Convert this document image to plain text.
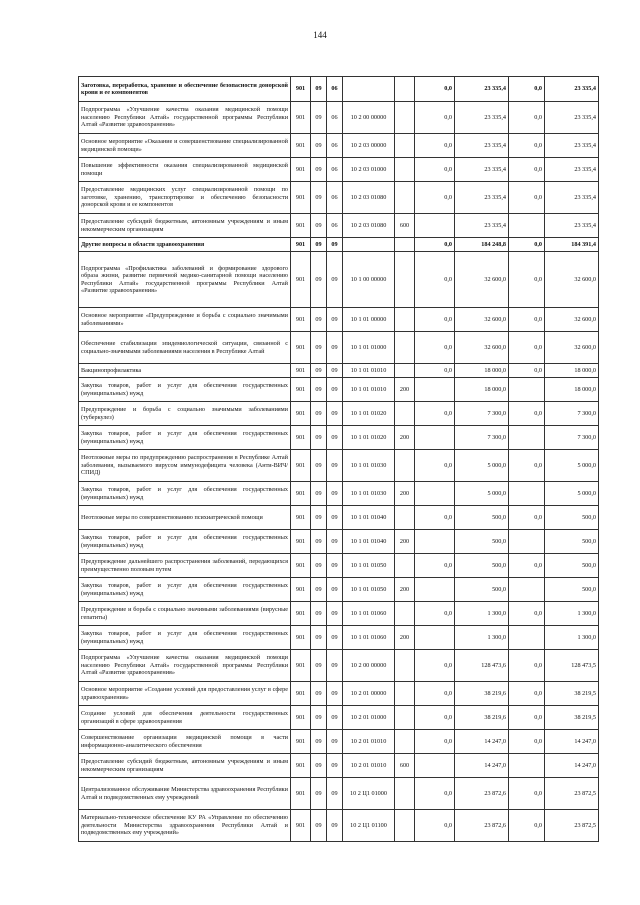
144
Заготовка, переработка, хранение и обеспечение безопасности донорской крови и ее компонентов	901	09	06			0,0	23 335,4	0,0	23 335,4
Подпрограмма «Улучшение качества оказания медицинской помощи населению Республики Алтай» государственной программы Республики Алтай «Развитие здравоохранения»	901	09	06	10 2 00 00000		0,0	23 335,4	0,0	23 335,4
Основное мероприятие «Оказание и совершенствование специализированной медицинской помощи»	901	09	06	10 2 03 00000		0,0	23 335,4	0,0	23 335,4
Повышение эффективности оказания специализированной медицинской помощи	901	09	06	10 2 03 01000		0,0	23 335,4	0,0	23 335,4
Предоставление медицинских услуг специализированной помощи по заготовке, хранению, транспортировке и обеспечению безопасности донорской крови и ее компонентов	901	09	06	10 2 03 01080		0,0	23 335,4	0,0	23 335,4
Предоставление субсидий бюджетным, автономным учреждениям и иным некоммерческим организациям	901	09	06	10 2 03 01080	600		23 335,4		23 335,4
Другие вопросы в области здравоохранения	901	09	09			0,0	184 248,8	0,0	184 391,4
Подпрограмма «Профилактика заболеваний и формирование здорового образа жизни, развитие первичной медико-санитарной помощи населению Республики Алтай» государственной программы Республики Алтай «Развитие здравоохранения»	901	09	09	10 1 00 00000		0,0	32 600,0	0,0	32 600,0
Основное мероприятие «Предупреждение и борьба с социально значимыми заболеваниями»	901	09	09	10 1 01 00000		0,0	32 600,0	0,0	32 600,0
Обеспечение стабилизации эпидемиологической ситуации, связанной с социально-значимыми заболеваниями населения в Республике Алтай	901	09	09	10 1 01 01000		0,0	32 600,0	0,0	32 600,0
Вакцинопрофилактика	901	09	09	10 1 01 01010		0,0	18 000,0	0,0	18 000,0
Закупка товаров, работ и услуг для обеспечения государственных (муниципальных) нужд	901	09	09	10 1 01 01010	200		18 000,0		18 000,0
Предупреждение и борьба с социально значимыми заболеваниями (туберкулез)	901	09	09	10 1 01 01020		0,0	7 300,0	0,0	7 300,0
Закупка товаров, работ и услуг для обеспечения государственных (муниципальных) нужд	901	09	09	10 1 01 01020	200		7 300,0		7 300,0
Неотложные меры по предупреждению распространения в Республике Алтай заболевания, вызываемого вирусом иммунодефицита человека (Анти-ВИЧ/СПИД)	901	09	09	10 1 01 01030		0,0	5 000,0	0,0	5 000,0
Закупка товаров, работ и услуг для обеспечения государственных (муниципальных) нужд	901	09	09	10 1 01 01030	200		5 000,0		5 000,0
Неотложные меры по совершенствованию психиатрической помощи	901	09	09	10 1 01 01040		0,0	500,0	0,0	500,0
Закупка товаров, работ и услуг для обеспечения государственных (муниципальных) нужд	901	09	09	10 1 01 01040	200		500,0		500,0
Предупреждение дальнейшего распространения заболеваний, передающихся преимущественно половым путем	901	09	09	10 1 01 01050		0,0	500,0	0,0	500,0
Закупка товаров, работ и услуг для обеспечения государственных (муниципальных) нужд	901	09	09	10 1 01 01050	200		500,0		500,0
Предупреждение и борьба с социально значимыми заболеваниями (вирусные гепатиты)	901	09	09	10 1 01 01060		0,0	1 300,0	0,0	1 300,0
Закупка товаров, работ и услуг для обеспечения государственных (муниципальных) нужд	901	09	09	10 1 01 01060	200		1 300,0		1 300,0
Подпрограмма «Улучшение качества оказания медицинской помощи населению Республики Алтай» государственной программы Республики Алтай «Развитие здравоохранения»	901	09	09	10 2 00 00000		0,0	128 473,6	0,0	128 473,5
Основное мероприятие «Создание условий для предоставления услуг в сфере здравоохранения»	901	09	09	10 2 01 00000		0,0	38 219,6	0,0	38 219,5
Создание условий для обеспечения деятельности государственных организаций в сфере здравоохранения	901	09	09	10 2 01 01000		0,0	38 219,6	0,0	38 219,5
Совершенствование организации медицинской помощи в части информационно-аналитического обеспечения	901	09	09	10 2 01 01010		0,0	14 247,0	0,0	14 247,0
Предоставление субсидий бюджетным, автономным учреждениям и иным некоммерческим организациям	901	09	09	10 2 01 01010	600		14 247,0		14 247,0
Централизованное обслуживание Министерства здравоохранения Республики Алтай и подведомственных ему учреждений	901	09	09	10 2 Ц1 01000		0,0	23 872,6	0,0	23 872,5
Материально-техническое обеспечение КУ РА «Управление по обеспечению деятельности Министерства здравоохранения Республики Алтай и подведомственных ему учреждений»	901	09	09	10 2 Ц1 01100		0,0	23 872,6	0,0	23 872,5
